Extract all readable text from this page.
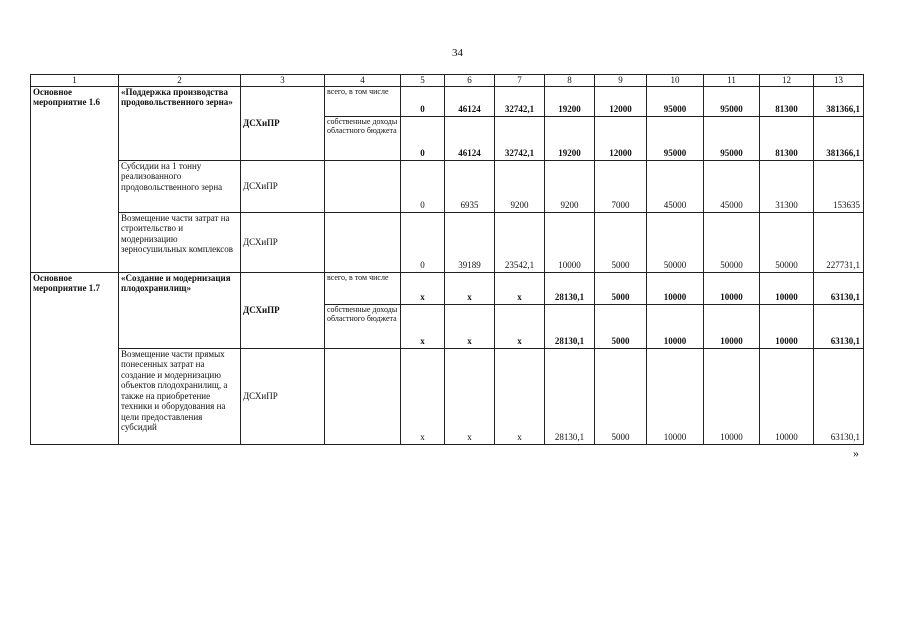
34
1	2	3	4	5	6	7	8	9	10	11	12	13
Основное мероприятие 1.6	«Поддержка производства продовольственного зерна»	ДСХиПР	всего, в том числе	0	46124	32742,1	19200	12000	95000	95000	81300	381366,1
			собственные доходы областного бюджета	0	46124	32742,1	19200	12000	95000	95000	81300	381366,1
	Субсидии на 1 тонну реализованного продовольственного зерна	ДСХиПР		0	6935	9200	9200	7000	45000	45000	31300	153635
	Возмещение части затрат на строительство и модернизацию зерносушильных комплексов	ДСХиПР		0	39189	23542,1	10000	5000	50000	50000	50000	227731,1
Основное мероприятие 1.7	«Создание и модернизация плодохранилищ»	ДСХиПР	всего, в том числе	х	х	х	28130,1	5000	10000	10000	10000	63130,1
			собственные доходы областного бюджета	х	х	х	28130,1	5000	10000	10000	10000	63130,1
	Возмещение части прямых понесенных затрат на создание и модернизацию объектов плодохранилищ, а также на приобретение техники и оборудования на цели предоставления субсидий	ДСХиПР		х	х	х	28130,1	5000	10000	10000	10000	63130,1
»
